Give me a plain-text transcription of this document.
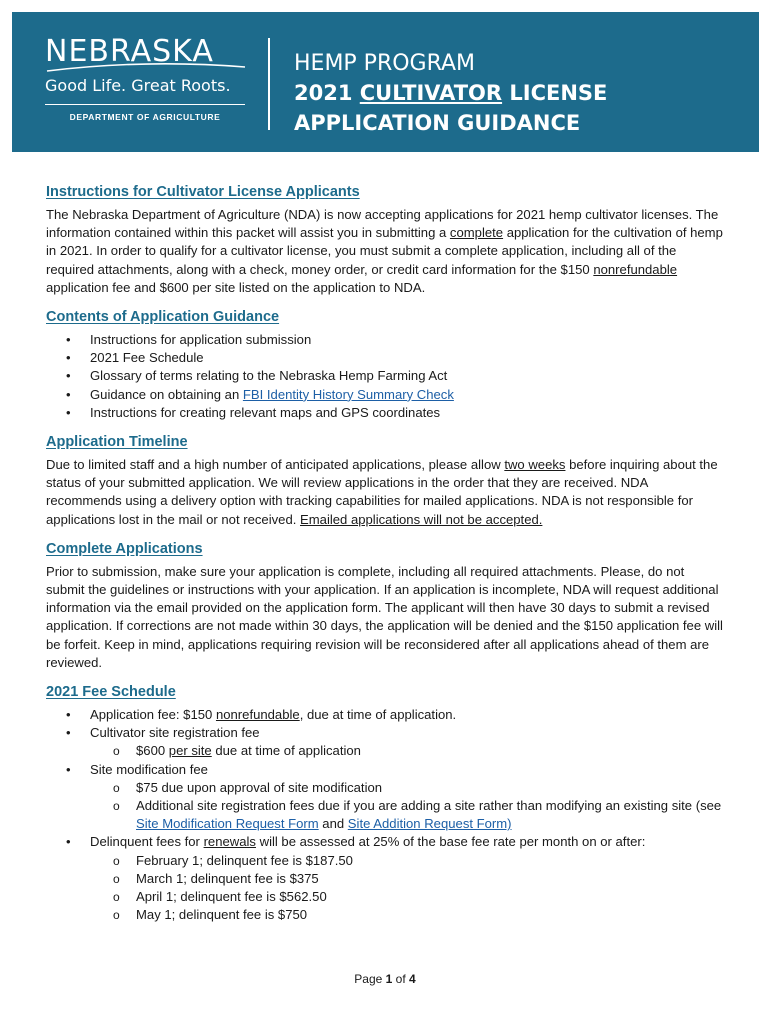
NEBRASKA
Good Life. Great Roots.
DEPARTMENT OF AGRICULTURE
HEMP PROGRAM
2021 CULTIVATOR LICENSE
APPLICATION GUIDANCE
Instructions for Cultivator License Applicants

The Nebraska Department of Agriculture (NDA) is now accepting applications for 2021 hemp cultivator licenses. The information contained within this packet will assist you in submitting a complete application for the cultivation of hemp in 2021. In order to qualify for a cultivator license, you must submit a complete application, including all of the required attachments, along with a check, money order, or credit card information for the $150 nonrefundable application fee and $600 per site listed on the application to NDA.

Contents of Application Guidance
• Instructions for application submission
• 2021 Fee Schedule
• Glossary of terms relating to the Nebraska Hemp Farming Act
• Guidance on obtaining an FBI Identity History Summary Check
• Instructions for creating relevant maps and GPS coordinates
Application Timeline

Due to limited staff and a high number of anticipated applications, please allow two weeks before inquiring about the status of your submitted application. We will review applications in the order that they are received. NDA recommends using a delivery option with tracking capabilities for mailed applications. NDA is not responsible for applications lost in the mail or not received. Emailed applications will not be accepted.

Complete Applications

Prior to submission, make sure your application is complete, including all required attachments. Please, do not submit the guidelines or instructions with your application. If an application is incomplete, NDA will request additional information via the email provided on the application form. The applicant will then have 30 days to submit a revised application. If corrections are not made within 30 days, the application will be denied and the $150 application fee will be forfeit. Keep in mind, applications requiring revision will be reconsidered after all applications ahead of them are reviewed.

2021 Fee Schedule
• Application fee: $150 nonrefundable, due at time of application.
• Cultivator site registration fee
o $600 per site due at time of application
• Site modification fee
o $75 due upon approval of site modification
o Additional site registration fees due if you are adding a site rather than modifying an existing site (see Site Modification Request Form and Site Addition Request Form)
• Delinquent fees for renewals will be assessed at 25% of the base fee rate per month on or after:
o February 1; delinquent fee is $187.50
o March 1; delinquent fee is $375
o April 1; delinquent fee is $562.50
o May 1; delinquent fee is $750
Page 1 of 4
